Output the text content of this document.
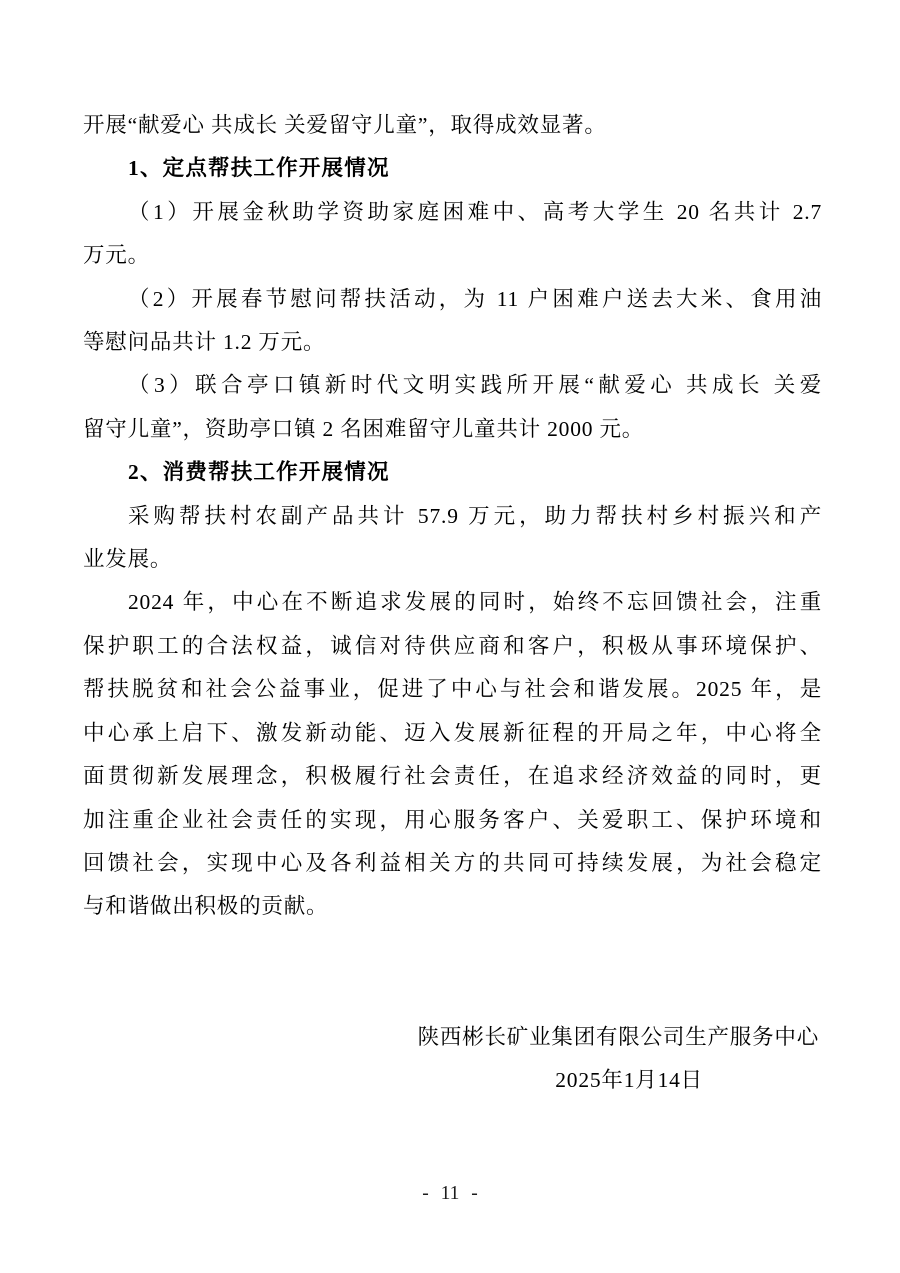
开展“献爱心 共成长 关爱留守儿童”，取得成效显著。
1、定点帮扶工作开展情况
（1）开展金秋助学资助家庭困难中、高考大学生 20 名共计 2.7
万元。
（2）开展春节慰问帮扶活动，为 11 户困难户送去大米、食用油
等慰问品共计 1.2 万元。
（3）联合亭口镇新时代文明实践所开展“献爱心 共成长 关爱
留守儿童”，资助亭口镇 2 名困难留守儿童共计 2000 元。
2、消费帮扶工作开展情况
采购帮扶村农副产品共计 57.9 万元，助力帮扶村乡村振兴和产
业发展。
2024 年，中心在不断追求发展的同时，始终不忘回馈社会，注重
保护职工的合法权益，诚信对待供应商和客户，积极从事环境保护、
帮扶脱贫和社会公益事业，促进了中心与社会和谐发展。2025 年，是
中心承上启下、激发新动能、迈入发展新征程的开局之年，中心将全
面贯彻新发展理念，积极履行社会责任，在追求经济效益的同时，更
加注重企业社会责任的实现，用心服务客户、关爱职工、保护环境和
回馈社会，实现中心及各利益相关方的共同可持续发展，为社会稳定
与和谐做出积极的贡献。
陕西彬长矿业集团有限公司生产服务中心
2025年1月14日
- 11 -
